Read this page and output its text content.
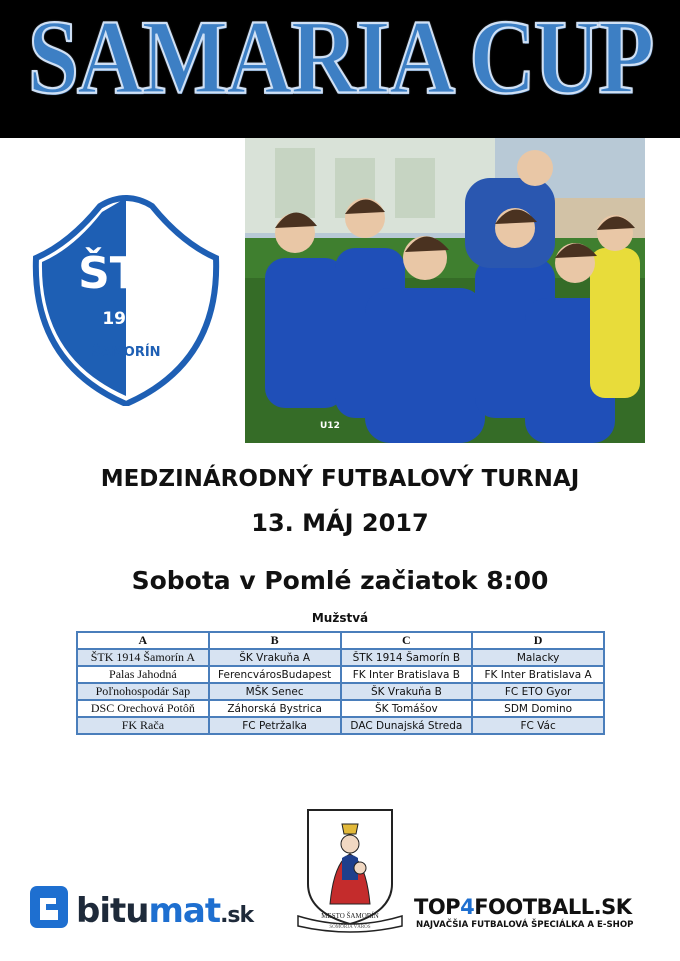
SAMARIA CUP
ŠTK
1914
ŠAMORÍN
U12
MEDZINÁRODNÝ FUTBALOVÝ TURNAJ
13. MÁJ 2017
Sobota v Pomlé začiatok 8:00
Mužstvá
A	B	C	D
ŠTK 1914 Šamorín A	ŠK Vrakuňa A	ŠTK 1914 Šamorín B	Malacky
Palas Jahodná	FerencvárosBudapest	FK Inter Bratislava B	FK Inter Bratislava A
Poľnohospodár Sap	MŠK Senec	ŠK Vrakuňa B	FC ETO Gyor
DSC Orechová Potôň	Záhorská Bystrica	ŠK Tomášov	SDM Domino
FK Rača	FC Petržalka	DAC Dunajská Streda	FC Vác
bitumat.sk	MESTO ŠAMORÍN
SOMORJA VÁROS
TOP4FOOTBALL.SK
NAJVAČŠIA FUTBALOVÁ ŠPECIÁLKA A E-SHOP
